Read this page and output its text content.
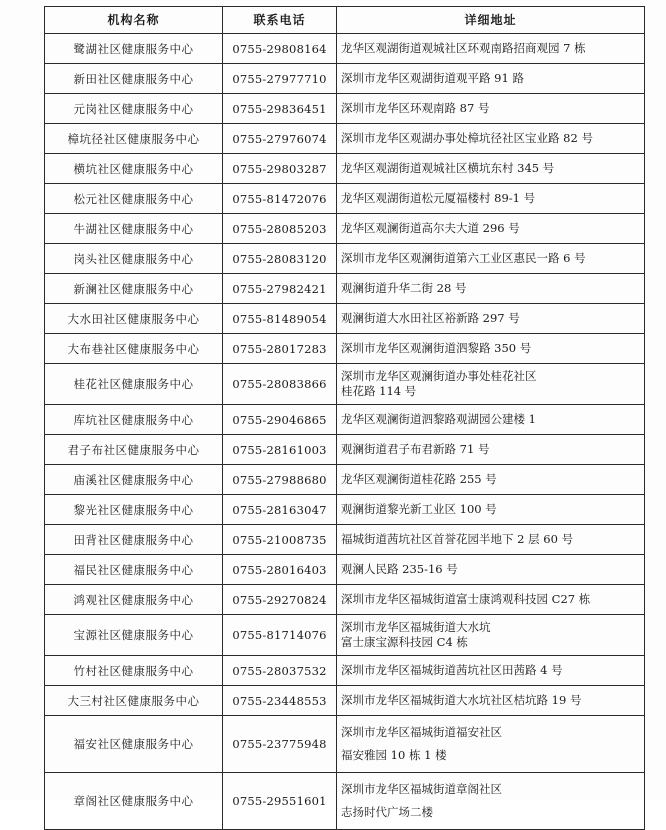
机构名称	联系电话	详细地址
鹭湖社区健康服务中心	0755-29808164	龙华区观湖街道观城社区环观南路招商观园 7 栋

新田社区健康服务中心	0755-27977710	深圳市龙华区观湖街道观平路 91 路

元岗社区健康服务中心	0755-29836451	深圳市龙华区环观南路 87 号

樟坑径社区健康服务中心	0755-27976074	深圳市龙华区观湖办事处樟坑径社区宝业路 82 号

横坑社区健康服务中心	0755-29803287	龙华区观湖街道观城社区横坑东村 345 号

松元社区健康服务中心	0755-81472076	龙华区观湖街道松元厦福楼村 89-1 号

牛湖社区健康服务中心	0755-28085203	龙华区观澜街道高尔夫大道 296 号

岗头社区健康服务中心	0755-28083120	深圳市龙华区观澜街道第六工业区惠民一路 6 号

新澜社区健康服务中心	0755-27982421	观澜街道升华二街 28 号

大水田社区健康服务中心	0755-81489054	观澜街道大水田社区裕新路 297 号

大布巷社区健康服务中心	0755-28017283	深圳市龙华区观澜街道泗黎路 350 号

桂花社区健康服务中心	0755-28083866	深圳市龙华区观澜街道办事处桂花社区
桂花路 114 号

库坑社区健康服务中心	0755-29046865	龙华区观澜街道泗黎路观湖园公建楼 1

君子布社区健康服务中心	0755-28161003	观澜街道君子布君新路 71 号

庙溪社区健康服务中心	0755-27988680	龙华区观澜街道桂花路 255 号

黎光社区健康服务中心	0755-28163047	观澜街道黎光新工业区 100 号

田背社区健康服务中心	0755-21008735	福城街道茜坑社区首誉花园半地下 2 层 60 号

福民社区健康服务中心	0755-28016403	观澜人民路 235-16 号

鸿观社区健康服务中心	0755-29270824	深圳市龙华区福城街道富士康鸿观科技园 C27 栋

宝源社区健康服务中心	0755-81714076	深圳市龙华区福城街道大水坑
富士康宝源科技园 C4 栋

竹村社区健康服务中心	0755-28037532	深圳市龙华区福城街道茜坑社区田茜路 4 号

大三村社区健康服务中心	0755-23448553	深圳市龙华区福城街道大水坑社区桔坑路 19 号

福安社区健康服务中心	0755-23775948	深圳市龙华区福城街道福安社区
福安雅园 10 栋 1 楼

章阁社区健康服务中心	0755-29551601	深圳市龙华区福城街道章阁社区
志扬时代广场二楼
